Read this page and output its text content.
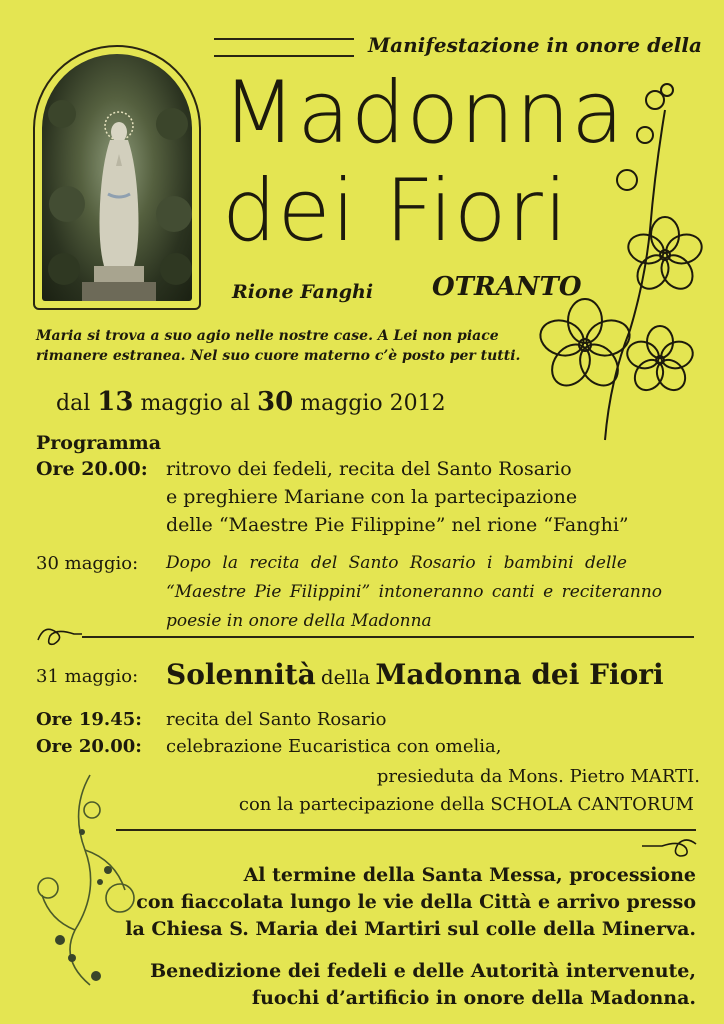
Manifestazione in onore della
Madonna
dei Fiori
Rione Fanghi OTRANTO
Maria si trova a suo agio nelle nostre case. A Lei non piace
rimanere estranea. Nel suo cuore materno c’è posto per tutti.
dal 13 maggio al 30 maggio 2012
Programma
Ore 20.00: ritrovo dei fedeli, recita del Santo Rosario
e preghiere Mariane con la partecipazione
delle “Maestre Pie Filippine” nel rione “Fanghi”
30 maggio: Dopo la recita del Santo Rosario i bambini delle
“Maestre Pie Filippini” intoneranno canti e reciteranno
poesie in onore della Madonna
31 maggio: Solennità della Madonna dei Fiori
Ore 19.45: recita del Santo Rosario
Ore 20.00: celebrazione Eucaristica con omelia,
presieduta da Mons. Pietro MARTI.
con la partecipazione della SCHOLA CANTORUM
Al termine della Santa Messa, processione
con fiaccolata lungo le vie della Città e arrivo presso
la Chiesa S. Maria dei Martiri sul colle della Minerva.
Benedizione dei fedeli e delle Autorità intervenute,
fuochi d’artificio in onore della Madonna.
